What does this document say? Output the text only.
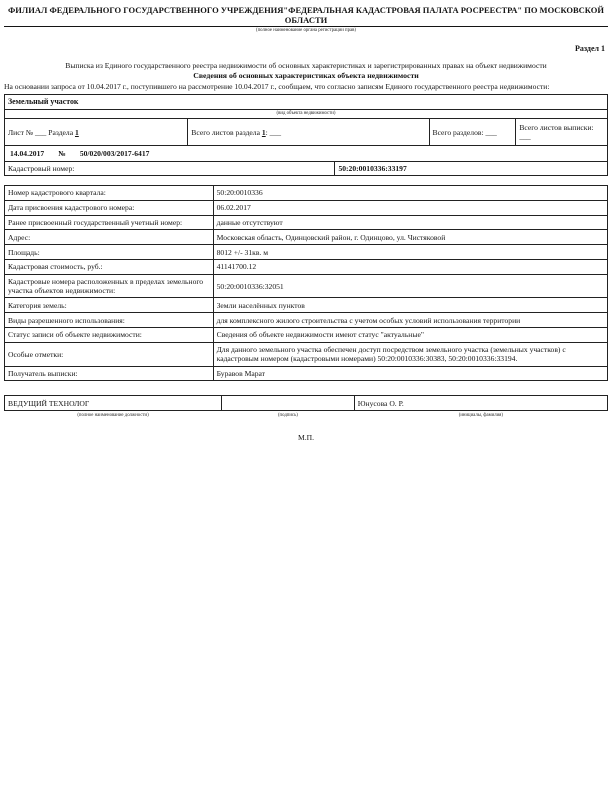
ФИЛИАЛ ФЕДЕРАЛЬНОГО ГОСУДАРСТВЕННОГО УЧРЕЖДЕНИЯ"ФЕДЕРАЛЬНАЯ КАДАСТРОВАЯ ПАЛАТА РОСРЕЕСТРА" ПО МОСКОВСКОЙ ОБЛАСТИ
(полное наименование органа регистрации прав)
Раздел 1
Выписка из Единого государственного реестра недвижимости об основных характеристиках и зарегистрированных правах на объект недвижимости
Сведения об основных характеристиках объекта недвижимости
На основании запроса от 10.04.2017 г., поступившего на рассмотрение 10.04.2017 г., сообщаем, что согласно записям Единого государственного реестра недвижимости:
Земельный участок
(вид объекта недвижимости)
Лист № ___ Раздела 1	Всего листов раздела 1: ___	Всего разделов: ___	Всего листов выписки: ___
14.04.2017 № 50/020/003/2017-6417
Кадастровый номер:	50:20:0010336:33197
Номер кадастрового квартала:	50:20:0010336
Дата присвоения кадастрового номера:	06.02.2017
Ранее присвоенный государственный учетный номер:	данные отсутствуют
Адрес:	Московская область, Одинцовский район, г. Одинцово, ул. Чистяковой
Площадь:	8012 +/- 31кв. м
Кадастровая стоимость, руб.:	41141700.12
Кадастровые номера расположенных в пределах земельного участка объектов недвижимости:	50:20:0010336:32051
Категория земель:	Земли населённых пунктов
Виды разрешенного использования:	для комплексного жилого строительства с учетом особых условий использования территории
Статус записи об объекте недвижимости:	Сведения об объекте недвижимости имеют статус "актуальные"
Особые отметки:	Для данного земельного участка обеспечен доступ посредством земельного участка (земельных участков) с кадастровым номером (кадастровыми номерами) 50:20:0010336:30383, 50:20:0010336:33194.
Получатель выписки:	Буравов Марат
ВЕДУЩИЙ ТЕХНОЛОГ		Юнусова О. Р.
(полное наименование должности)	(подпись)	(инициалы, фамилия)
М.П.
